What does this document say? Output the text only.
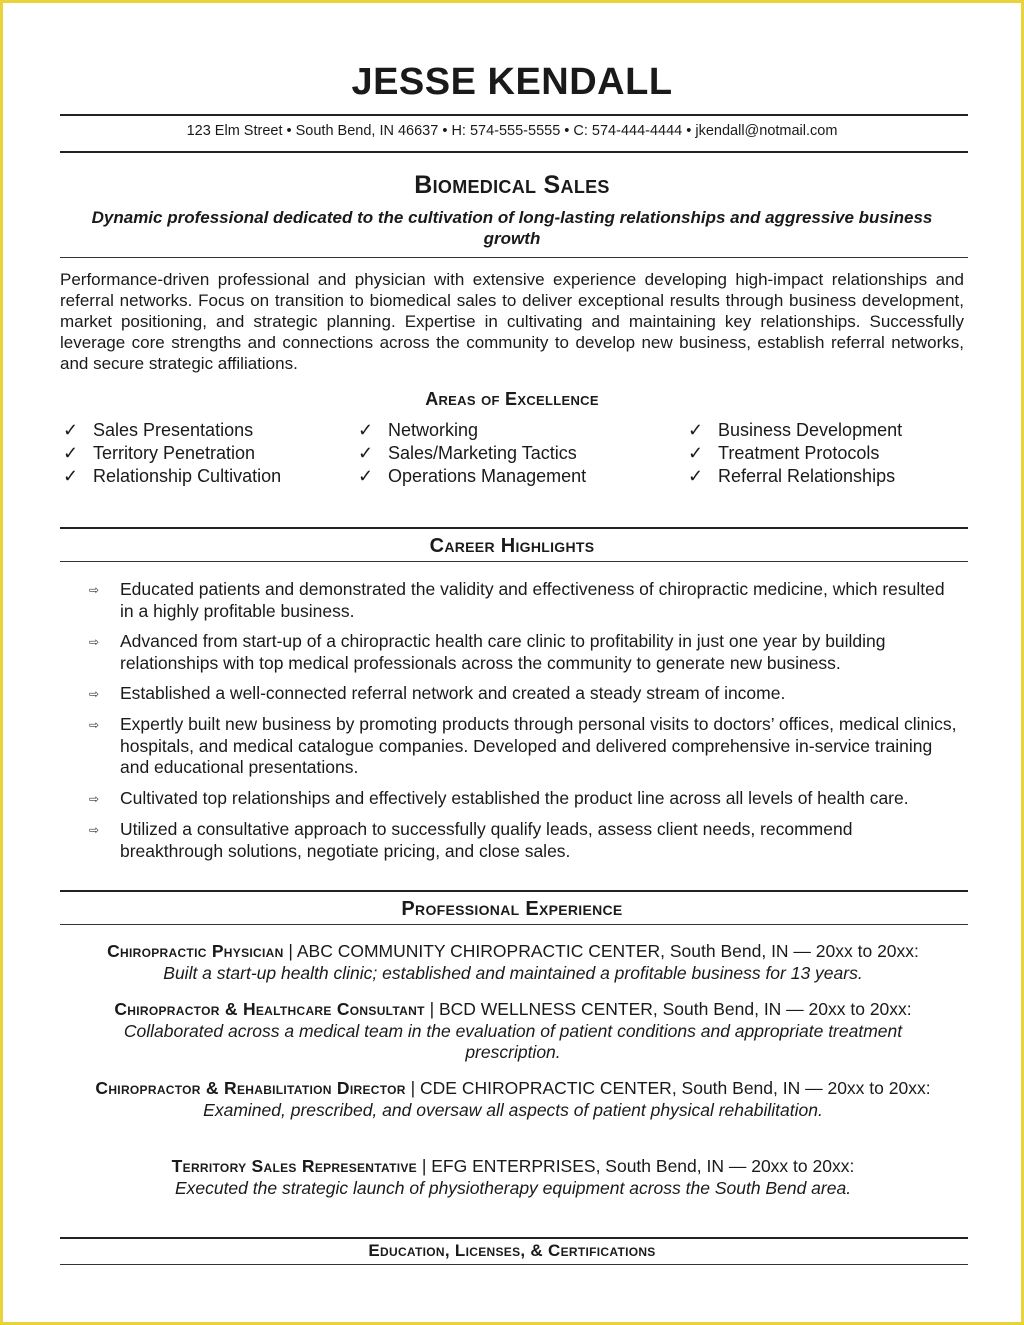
JESSE KENDALL
123 Elm Street • South Bend, IN 46637 • H: 574-555-5555 • C: 574-444-4444 • jkendall@notmail.com
Biomedical Sales
Dynamic professional dedicated to the cultivation of long-lasting relationships and aggressive business growth
Performance-driven professional and physician with extensive experience developing high-impact relationships and referral networks. Focus on transition to biomedical sales to deliver exceptional results through business development, market positioning, and strategic planning. Expertise in cultivating and maintaining key relationships. Successfully leverage core strengths and connections across the community to develop new business, establish referral networks, and secure strategic affiliations.
Areas of Excellence
✓ Sales Presentations
✓ Territory Penetration
✓ Relationship Cultivation
✓ Networking
✓ Sales/Marketing Tactics
✓ Operations Management
✓ Business Development
✓ Treatment Protocols
✓ Referral Relationships
Career Highlights
⇨ Educated patients and demonstrated the validity and effectiveness of chiropractic medicine, which resulted in a highly profitable business.
⇨ Advanced from start-up of a chiropractic health care clinic to profitability in just one year by building relationships with top medical professionals across the community to generate new business.
⇨ Established a well-connected referral network and created a steady stream of income.
⇨ Expertly built new business by promoting products through personal visits to doctors’ offices, medical clinics, hospitals, and medical catalogue companies. Developed and delivered comprehensive in-service training and educational presentations.
⇨ Cultivated top relationships and effectively established the product line across all levels of health care.
⇨ Utilized a consultative approach to successfully qualify leads, assess client needs, recommend breakthrough solutions, negotiate pricing, and close sales.
Professional Experience
Chiropractic Physician | ABC COMMUNITY CHIROPRACTIC CENTER, South Bend, IN — 20xx to 20xx:
Built a start-up health clinic; established and maintained a profitable business for 13 years.
Chiropractor & Healthcare Consultant | BCD WELLNESS CENTER, South Bend, IN — 20xx to 20xx:
Collaborated across a medical team in the evaluation of patient conditions and appropriate treatment prescription.
Chiropractor & Rehabilitation Director | CDE CHIROPRACTIC CENTER, South Bend, IN — 20xx to 20xx:
Examined, prescribed, and oversaw all aspects of patient physical rehabilitation.
Territory Sales Representative | EFG ENTERPRISES, South Bend, IN — 20xx to 20xx:
Executed the strategic launch of physiotherapy equipment across the South Bend area.
Education, Licenses, & Certifications
